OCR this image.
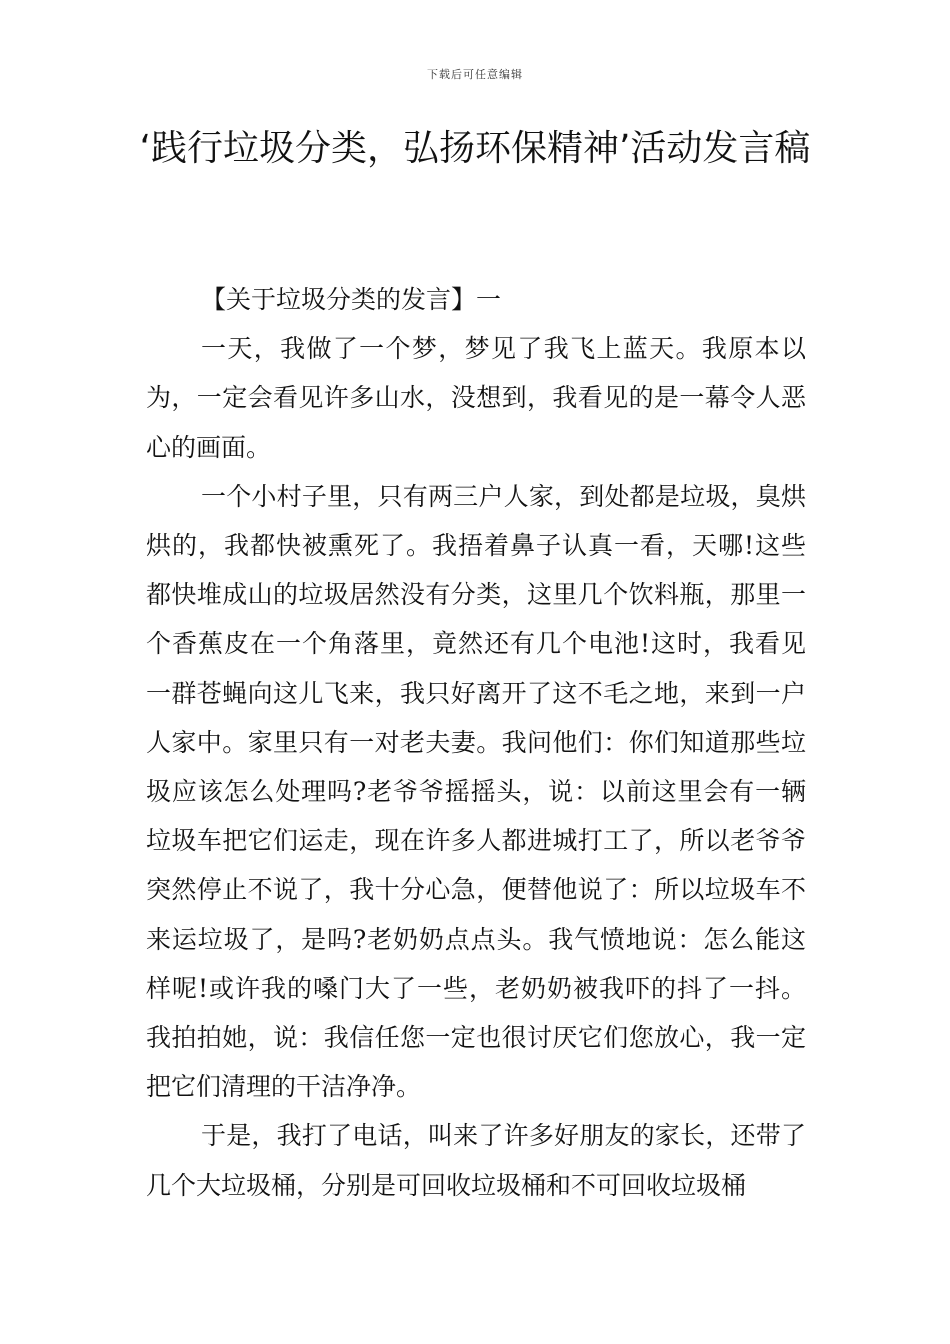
下载后可任意编辑
‘践行垃圾分类，弘扬环保精神’活动发言稿

【关于垃圾分类的发言】一

一天，我做了一个梦，梦见了我飞上蓝天。我原本以为，一定会看见许多山水，没想到，我看见的是一幕令人恶心的画面。

一个小村子里，只有两三户人家，到处都是垃圾，臭烘烘的，我都快被熏死了。我捂着鼻子认真一看，天哪!这些都快堆成山的垃圾居然没有分类，这里几个饮料瓶，那里一个香蕉皮在一个角落里，竟然还有几个电池!这时，我看见一群苍蝇向这儿飞来，我只好离开了这不毛之地，来到一户人家中。家里只有一对老夫妻。我问他们：你们知道那些垃圾应该怎么处理吗?老爷爷摇摇头，说：以前这里会有一辆垃圾车把它们运走，现在许多人都进城打工了，所以老爷爷突然停止不说了，我十分心急，便替他说了：所以垃圾车不来运垃圾了，是吗?老奶奶点点头。我气愤地说：怎么能这样呢!或许我的嗓门大了一些，老奶奶被我吓的抖了一抖。我拍拍她，说：我信任您一定也很讨厌它们您放心，我一定把它们清理的干洁净净。

于是，我打了电话，叫来了许多好朋友的家长，还带了几个大垃圾桶，分别是可回收垃圾桶和不可回收垃圾桶
